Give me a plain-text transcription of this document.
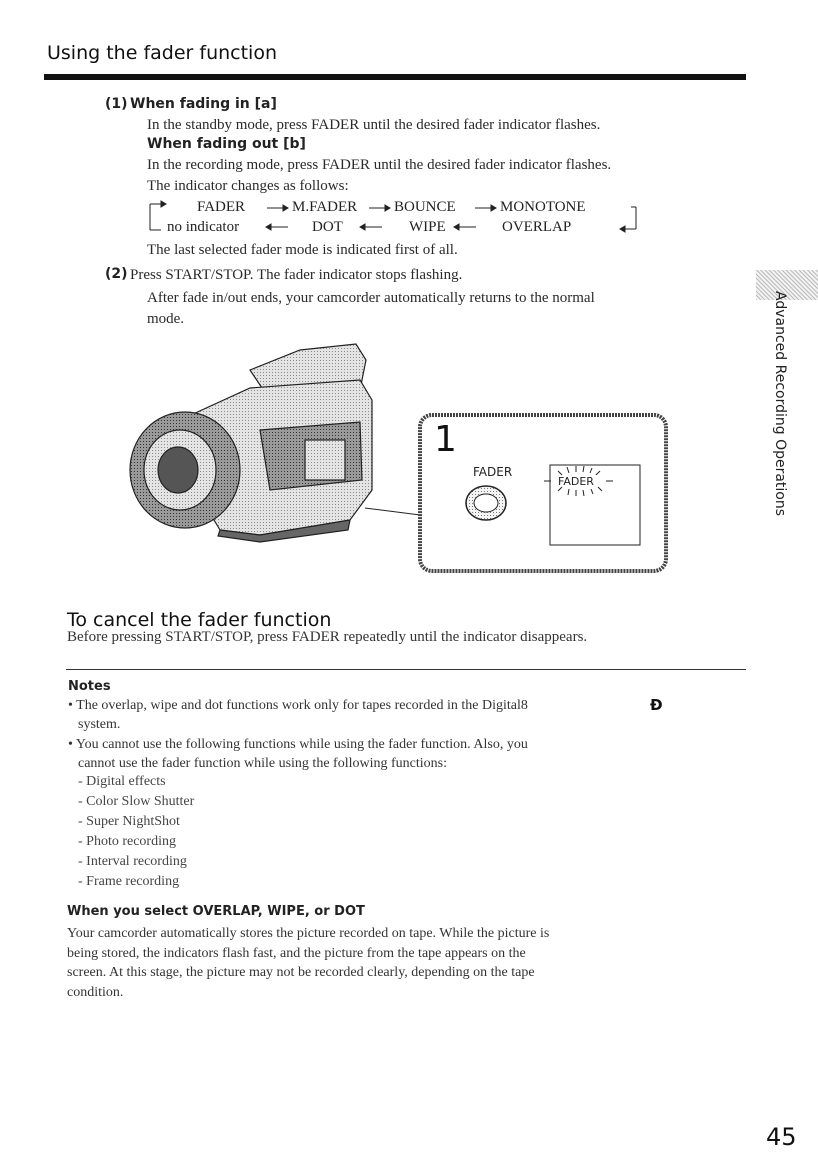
Using the fader function
(1) When fading in [a]
In the standby mode, press FADER until the desired fader indicator flashes.
When fading out [b]
In the recording mode, press FADER until the desired fader indicator flashes.
The indicator changes as follows:
FADER	M.FADER BOUNCE	MONOTONE
no indicator	DOT	WIPE	OVERLAP
The last selected fader mode is indicated first of all.
(2) Press START/STOP. The fader indicator stops flashing.
After fade in/out ends, your camcorder automatically returns to the normal
mode.	Advanced Recording Operations
1
FADER
FADER
To cancel the fader function
Before pressing START/STOP, press FADER repeatedly until the indicator disappears.
Notes
• The overlap, wipe and dot functions work only for tapes recorded in the Digital8	Ð
system.
• You cannot use the following functions while using the fader function. Also, you
cannot use the fader function while using the following functions:
- Digital effects
- Color Slow Shutter
- Super NightShot
- Photo recording
- Interval recording
- Frame recording
When you select OVERLAP, WIPE, or DOT
Your camcorder automatically stores the picture recorded on tape. While the picture is
being stored, the indicators flash fast, and the picture from the tape appears on the
screen. At this stage, the picture may not be recorded clearly, depending on the tape
condition.
45
